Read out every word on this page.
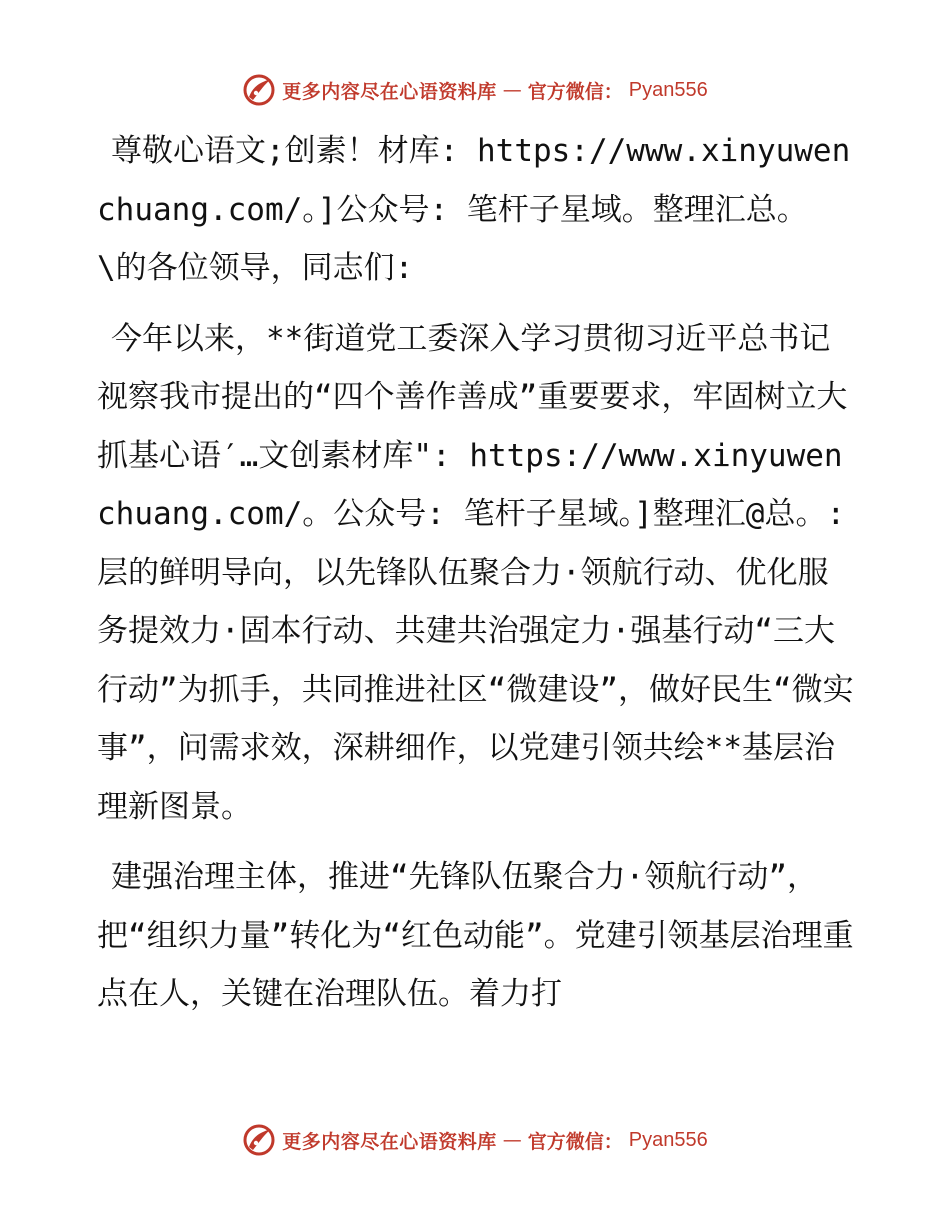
更多内容尽在心语资料库 — 官方微信： Pyan556

尊敬心语文;创素！材库: https://www.xinyuwenchuang.com/。]公众号: 笔杆子星域。整理汇总。\的各位领导，同志们:

今年以来，**街道党工委深入学习贯彻习近平总书记视察我市提出的“四个善作善成”重要要求，牢固树立大抓基心语′…文创素材库": https://www.xinyuwenchuang.com/。公众号: 笔杆子星域。]整理汇@总。:层的鲜明导向，以先锋队伍聚合力·领航行动、优化服务提效力·固本行动、共建共治强定力·强基行动“三大行动”为抓手，共同推进社区“微建设”，做好民生“微实事”，问需求效，深耕细作，以党建引领共绘**基层治理新图景。

建强治理主体，推进“先锋队伍聚合力·领航行动”，把“组织力量”转化为“红色动能”。党建引领基层治理重点在人，关键在治理队伍。着力打

更多内容尽在心语资料库 — 官方微信： Pyan556
